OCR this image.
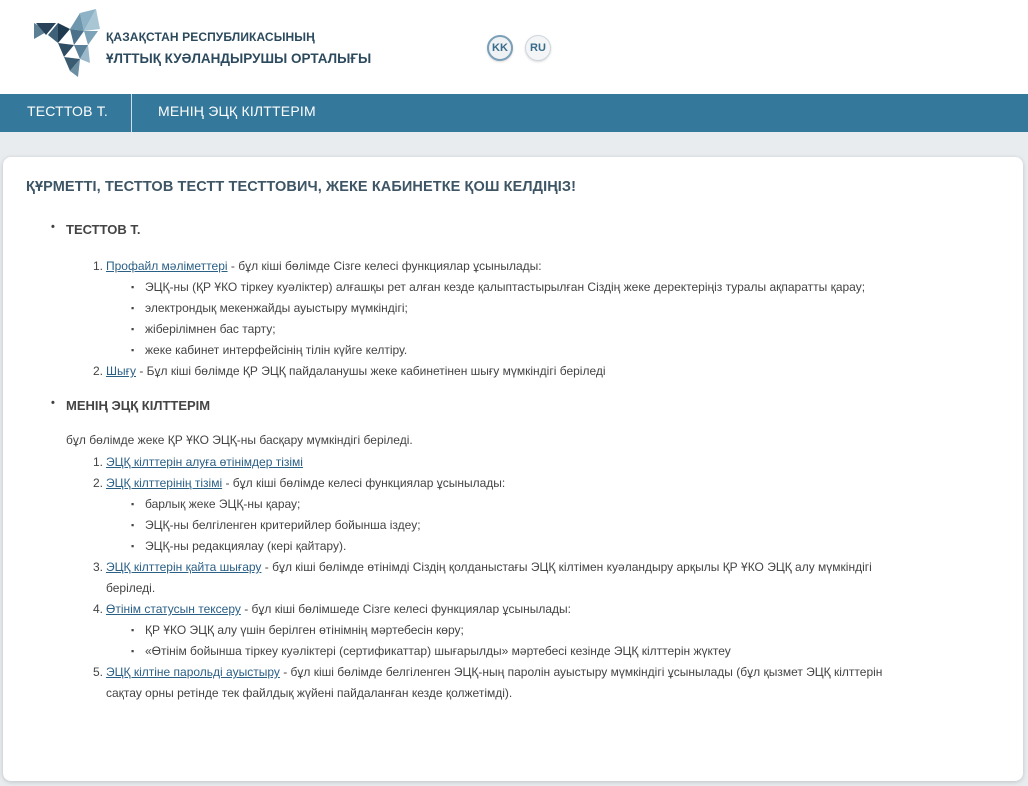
ҚАЗАҚСТАН РЕСПУБЛИКАСЫНЫҢ
ҰЛТТЫҚ КУӘЛАНДЫРУШЫ ОРТАЛЫҒЫ
KK	RU
ТЕСТТОВ Т.	МЕНІҢ ЭЦҚ КІЛТТЕРІМ
ҚҰРМЕТТІ, ТЕСТТОВ ТЕСТТ ТЕСТТОВИЧ, ЖЕКЕ КАБИНЕТКЕ ҚОШ КЕЛДІҢІЗ!
• ТЕСТТОВ Т.
1. Профайл мәліметтері - бұл кіші бөлімде Сізге келесі функциялар ұсынылады:
▪ ЭЦҚ-ны (ҚР ҰКО тіркеу куәліктер) алғашқы рет алған кезде қалыптастырылған Сіздің жеке деректеріңіз туралы ақпаратты қарау;
▪ электрондық мекенжайды ауыстыру мүмкіндігі;
▪ жіберілімнен бас тарту;
▪ жеке кабинет интерфейсінің тілін күйге келтіру.
2. Шығу - Бұл кіші бөлімде ҚР ЭЦҚ пайдаланушы жеке кабинетінен шығу мүмкіндігі беріледі
• МЕНІҢ ЭЦҚ КІЛТТЕРІМ
бұл бөлімде жеке ҚР ҰКО ЭЦҚ-ны басқару мүмкіндігі беріледі.
1. ЭЦҚ кілттерін алуға өтінімдер тізімі
2. ЭЦҚ кілттерінің тізімі - бұл кіші бөлімде келесі функциялар ұсынылады:
▪ барлық жеке ЭЦҚ-ны қарау;
▪ ЭЦҚ-ны белгіленген критерийлер бойынша іздеу;
▪ ЭЦҚ-ны редакциялау (кері қайтару).
3. ЭЦҚ кілттерін қайта шығару - бұл кіші бөлімде өтінімді Сіздің қолданыстағы ЭЦҚ кілтімен куәландыру арқылы ҚР ҰКО ЭЦҚ алу мүмкіндігі
беріледі.
4. Өтінім статусын тексеру - бұл кіші бөлімшеде Сізге келесі функциялар ұсынылады:
▪ ҚР ҰКО ЭЦҚ алу үшін берілген өтінімнің мәртебесін көру;
▪ «Өтінім бойынша тіркеу куәліктері (сертификаттар) шығарылды» мәртебесі кезінде ЭЦҚ кілттерін жүктеу
5. ЭЦҚ кілтіне парольді ауыстыру - бұл кіші бөлімде белгіленген ЭЦҚ-ның паролін ауыстыру мүмкіндігі ұсынылады (бұл қызмет ЭЦҚ кілттерін
сақтау орны ретінде тек файлдық жүйені пайдаланған кезде қолжетімді).
